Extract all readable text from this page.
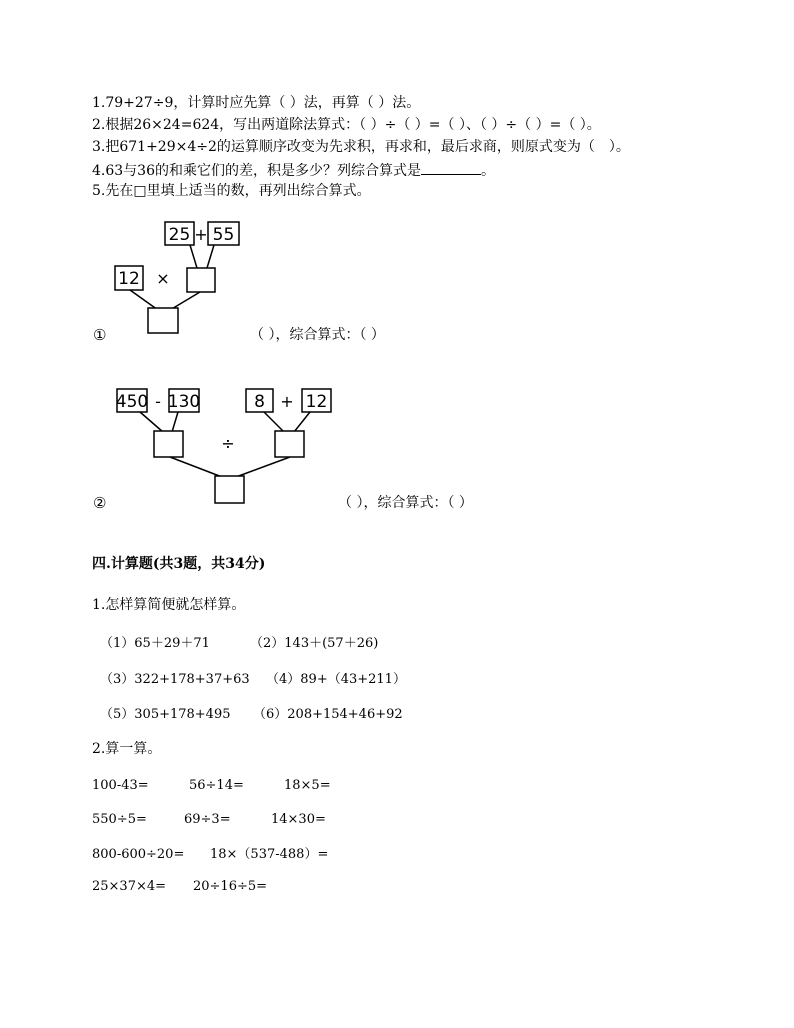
1.79+27÷9，计算时应先算（ ）法，再算（ ）法。
2.根据26×24=624，写出两道除法算式：（ ）÷（ ）=（ ）、（ ）÷（ ）=（ ）。
3.把671+29×4÷2的运算顺序改变为先求积，再求和，最后求商，则原式变为（　）。
4.63与36的和乘它们的差，积是多少？列综合算式是	。
5.先在□里填上适当的数，再列出综合算式。
25 + 55
12 ×
450 - 130	8 + 12
÷
①	（ ），综合算式：（ ）
②	（ ），综合算式：（ ）
四.计算题(共3题，共34分)
1.怎样算简便就怎样算。
（1）65＋29＋71	（2）143＋(57＋26)
（3）322+178+37+63 （4）89+（43+211）
（5）305+178+495 （6）208+154+46+92
2.算一算。
100-43=	56÷14=	18×5=
550÷5=	69÷3=	14×30=
800-600÷20= 18×（537-488）=
25×37×4= 20÷16÷5=
